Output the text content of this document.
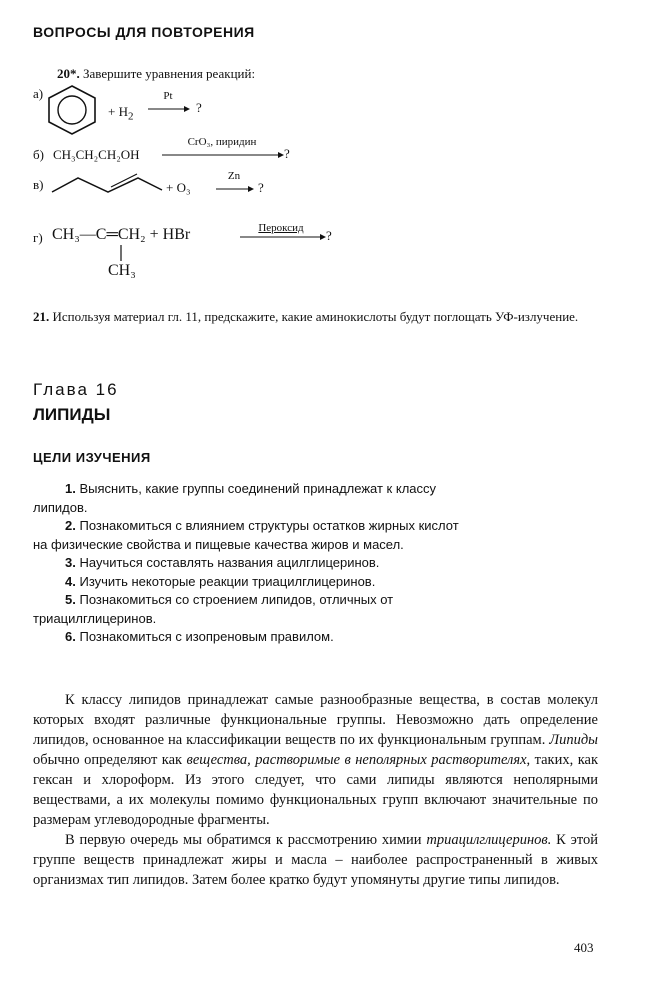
ВОПРОСЫ ДЛЯ ПОВТОРЕНИЯ
20*. Завершите уравнения реакций:
а)
+ $H_2$
Pt
?
б) CH₃CH₂CH₂OH
CrO₃, пиридин
?
в)	+ O₃
Zn
?
г) CH₃—C═CH₂ + HBr
CH₃
Пероксид	?
21. Используя материал гл. 11, предскажите, какие аминокислоты будут поглощать УФ-излучение.
Глава 16
ЛИПИДЫ
ЦЕЛИ ИЗУЧЕНИЯ
1. Выяснить, какие группы соединений принадлежат к классу липидов.
2. Познакомиться с влиянием структуры остатков жирных кислот на физические свойства и пищевые качества жиров и масел.
3. Научиться составлять названия ацилглицеринов.
4. Изучить некоторые реакции триацилглицеринов.
5. Познакомиться со строением липидов, отличных от триацилглицеринов.
6. Познакомиться с изопреновым правилом.

К классу липидов принадлежат самые разнообразные вещества, в состав молекул которых входят различные функциональные группы. Невозможно дать определение липидов, основанное на классификации веществ по их функциональным группам. Липиды обычно определяют как вещества, растворимые в неполярных растворителях, таких, как гексан и хлороформ. Из этого следует, что сами липиды являются неполярными веществами, а их молекулы помимо функциональных групп включают значительные по размерам углеводородные фрагменты.

В первую очередь мы обратимся к рассмотрению химии триацилглицеринов. К этой группе веществ принадлежат жиры и масла – наиболее распространенный в живых организмах тип липидов. Затем более кратко будут упомянуты другие типы липидов.

403
